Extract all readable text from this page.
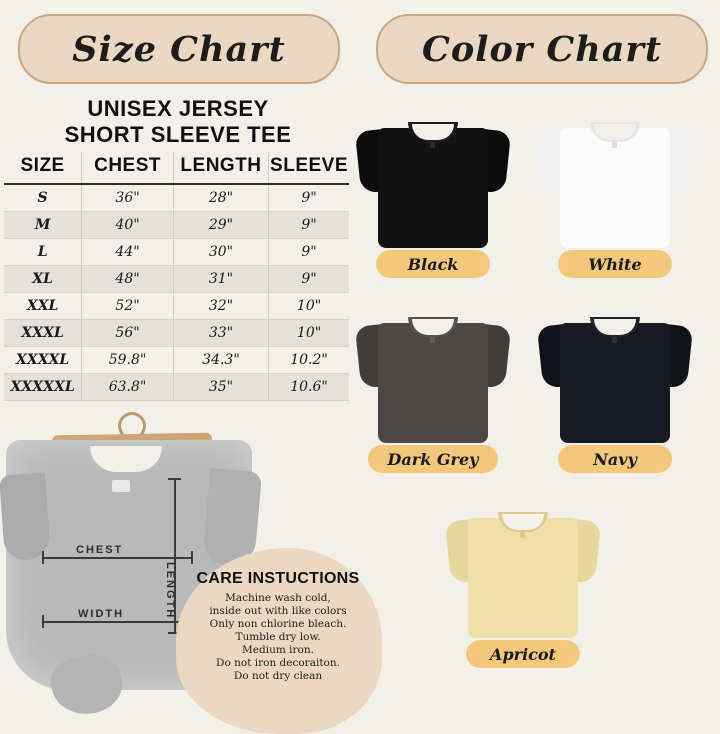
Size Chart	Color Chart
UNISEX JERSEY
SHORT SLEEVE TEE
SIZE	CHEST	LENGTH	SLEEVE
S	36"	28"	9"
M	40"	29"	9"
L	44"	30"	9"
XL	48"	31"	9"
XXL	52"	32"	10"
XXXL	56"	33"	10"
XXXXL	59.8"	34.3"	10.2"
XXXXXL	63.8"	35"	10.6"
CHEST
WIDTH	LENGTH	CARE INSTUCTIONS
Machine wash cold,
inside out with like colors
Only non chlorine bleach.
Tumble dry low.
Medium iron.
Do not iron decoraiton.
Do not dry clean
Black	White
Dark Grey	Navy
Apricot
